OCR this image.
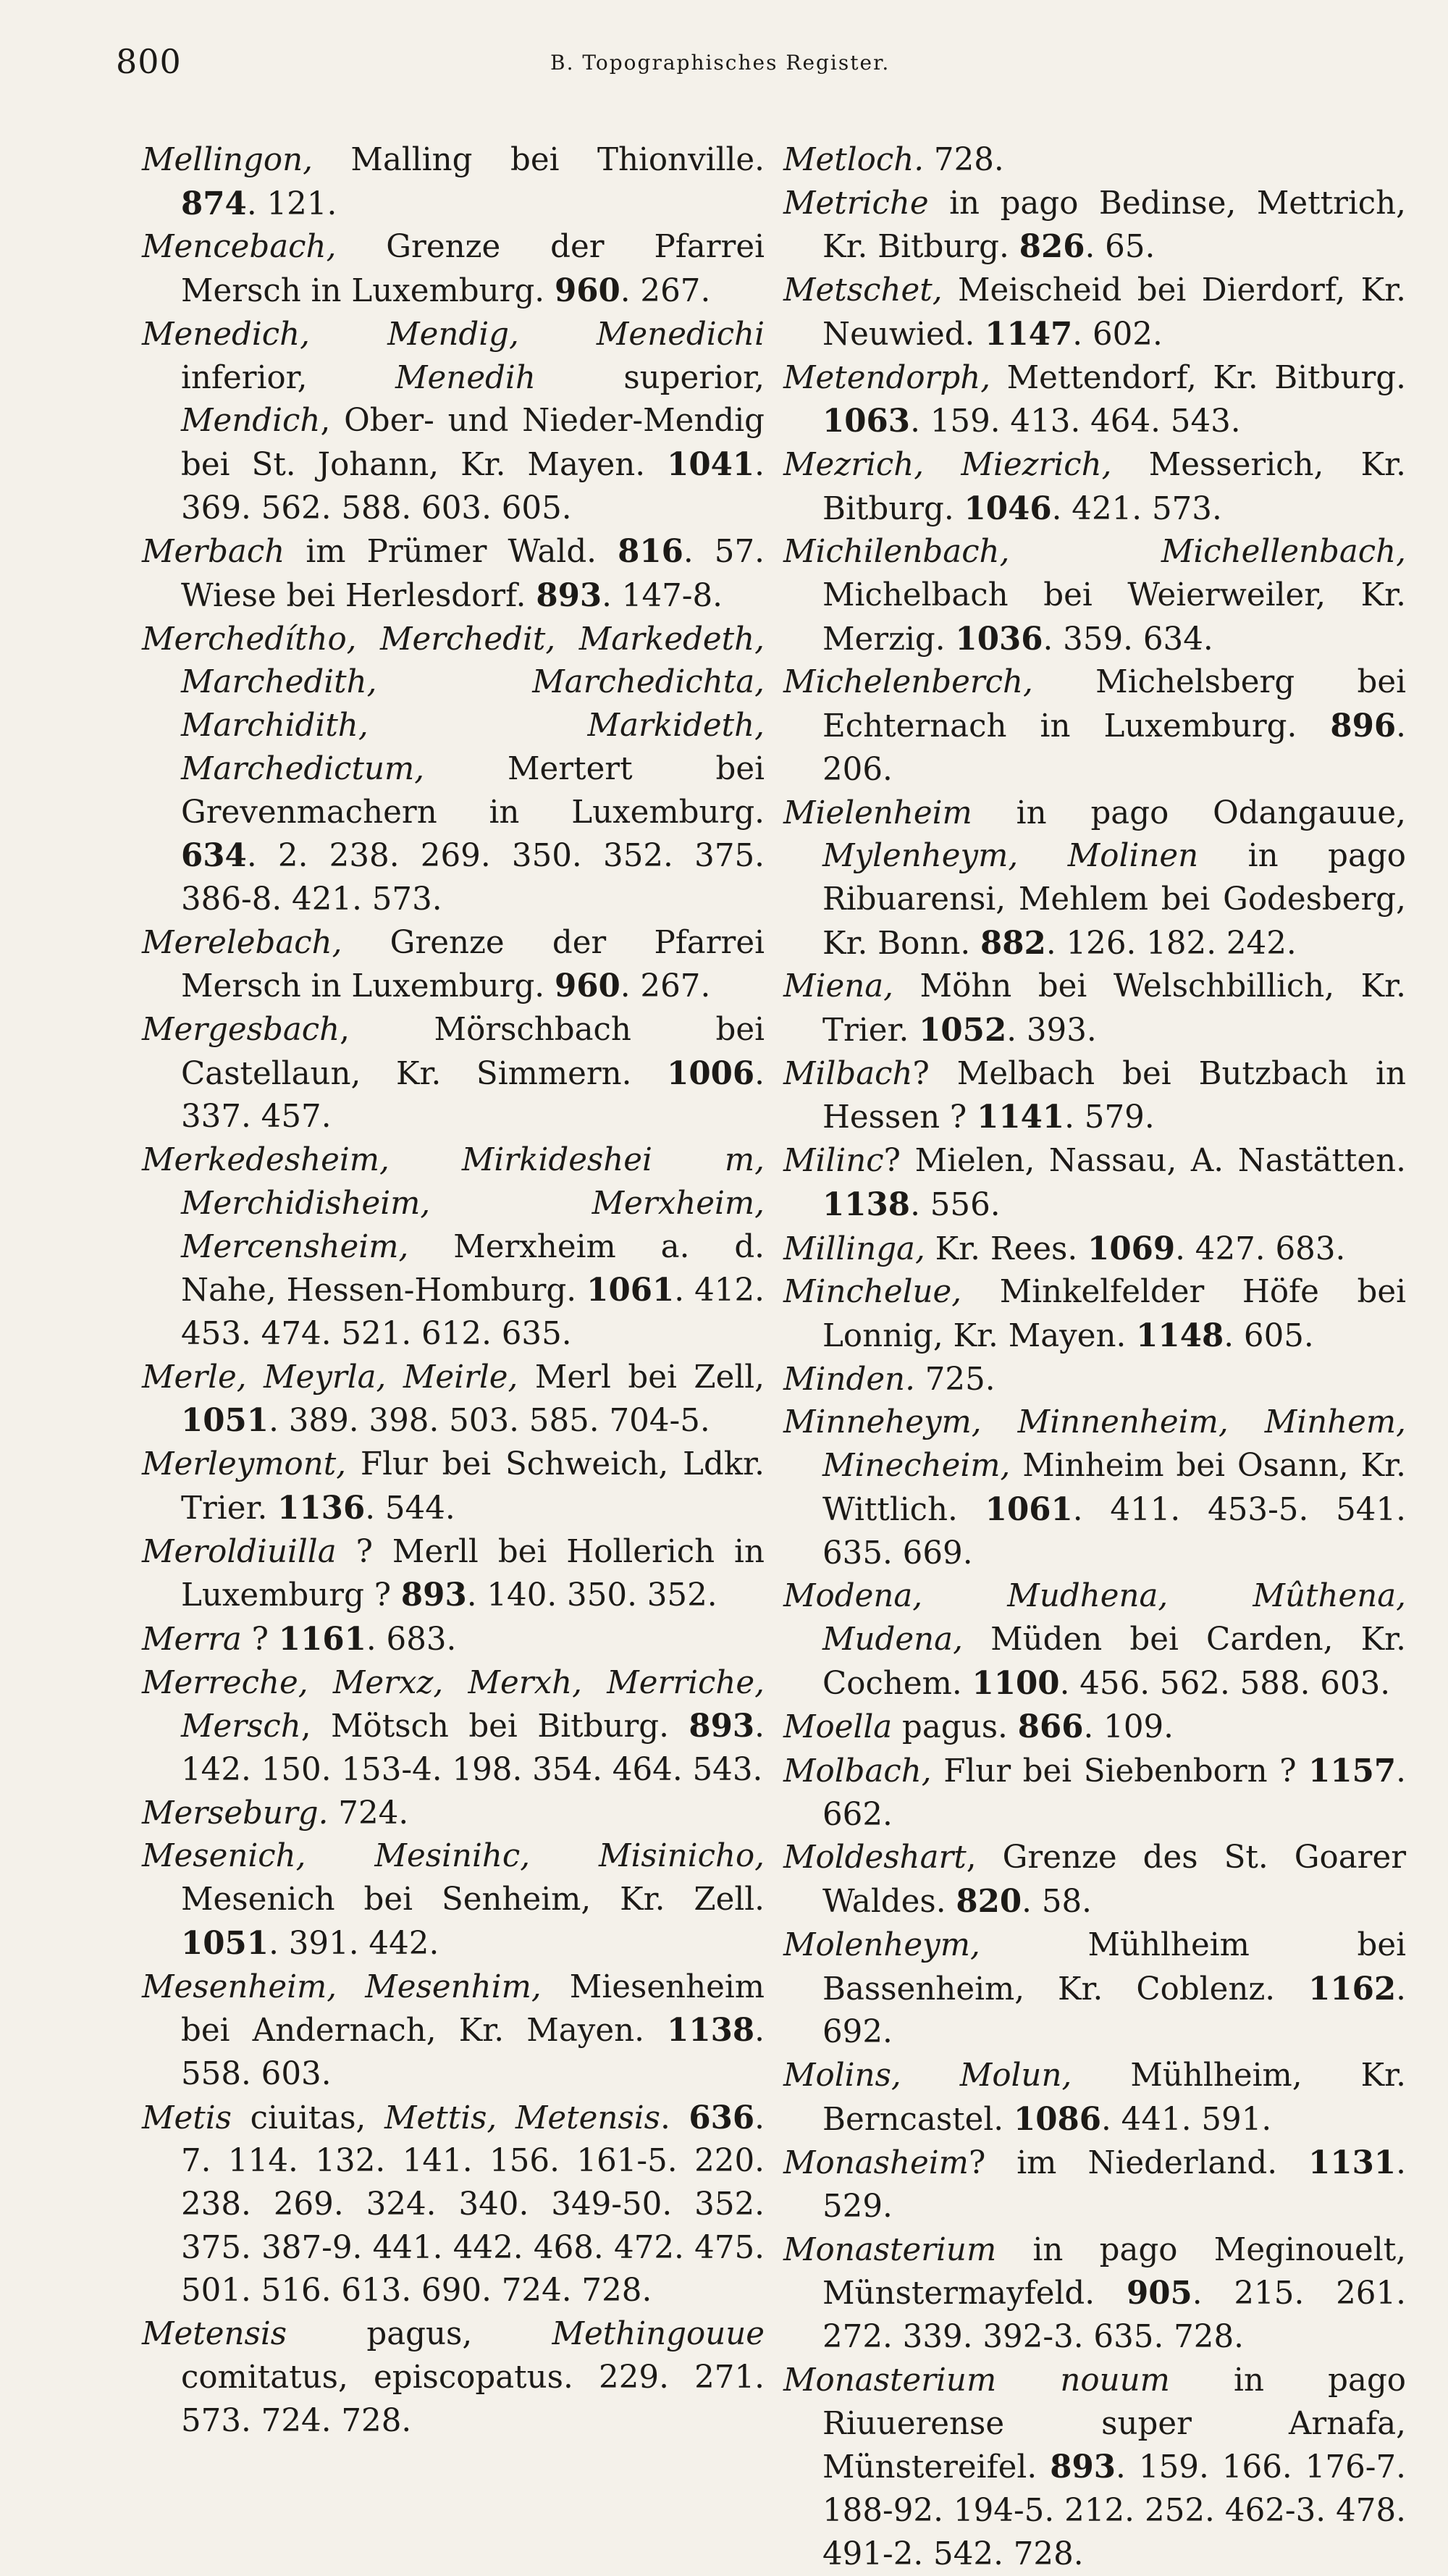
800	B. Topographisches Register.
Mellingon, Malling bei Thionville. 874. 121.
Mencebach, Grenze der Pfarrei Mersch in Luxemburg. 960. 267.
Menedich, Mendig, Menedichi inferior, Menedih superior, Mendich, Ober- und Nieder-Mendig bei St. Johann, Kr. Mayen. 1041. 369. 562. 588. 603. 605.
Merbach im Prümer Wald. 816. 57. Wiese bei Herlesdorf. 893. 147-8.
Merchedítho, Merchedit, Markedeth, Marchedith, Marchedichta, Marchidith, Markideth, Marchedictum, Mertert bei Grevenmachern in Luxemburg. 634. 2. 238. 269. 350. 352. 375. 386-8. 421. 573.
Merelebach, Grenze der Pfarrei Mersch in Luxemburg. 960. 267.
Mergesbach, Mörschbach bei Castellaun, Kr. Simmern. 1006. 337. 457.
Merkedesheim, Mirkideshei m, Merchidisheim, Merxheim, Mercensheim, Merxheim a. d. Nahe, Hessen-Homburg. 1061. 412. 453. 474. 521. 612. 635.
Merle, Meyrla, Meirle, Merl bei Zell, 1051. 389. 398. 503. 585. 704-5.
Merleymont, Flur bei Schweich, Ldkr. Trier. 1136. 544.
Meroldiuilla ? Merll bei Hollerich in Luxemburg ? 893. 140. 350. 352.
Merra ? 1161. 683.
Merreche, Merxz, Merxh, Merriche, Mersch, Mötsch bei Bitburg. 893. 142. 150. 153-4. 198. 354. 464. 543.
Merseburg. 724.
Mesenich, Mesinihc, Misinicho, Mesenich bei Senheim, Kr. Zell. 1051. 391. 442.
Mesenheim, Mesenhim, Miesenheim bei Andernach, Kr. Mayen. 1138. 558. 603.
Metis ciuitas, Mettis, Metensis. 636. 7. 114. 132. 141. 156. 161-5. 220. 238. 269. 324. 340. 349-50. 352. 375. 387-9. 441. 442. 468. 472. 475. 501. 516. 613. 690. 724. 728.
Metensis pagus, Methingouue comitatus, episcopatus. 229. 271. 573. 724. 728.
Metloch. 728.
Metriche in pago Bedinse, Mettrich, Kr. Bitburg. 826. 65.
Metschet, Meischeid bei Dierdorf, Kr. Neuwied. 1147. 602.
Metendorph, Mettendorf, Kr. Bitburg. 1063. 159. 413. 464. 543.
Mezrich, Miezrich, Messerich, Kr. Bitburg. 1046. 421. 573.
Michilenbach, Michellenbach, Michelbach bei Weierweiler, Kr. Merzig. 1036. 359. 634.
Michelenberch, Michelsberg bei Echternach in Luxemburg. 896. 206.
Mielenheim in pago Odangauue, Mylenheym, Molinen in pago Ribuarensi, Mehlem bei Godesberg, Kr. Bonn. 882. 126. 182. 242.
Miena, Möhn bei Welschbillich, Kr. Trier. 1052. 393.
Milbach? Melbach bei Butzbach in Hessen ? 1141. 579.
Milinc? Mielen, Nassau, A. Nastätten. 1138. 556.
Millinga, Kr. Rees. 1069. 427. 683.
Minchelue, Minkelfelder Höfe bei Lonnig, Kr. Mayen. 1148. 605.
Minden. 725.
Minneheym, Minnenheim, Minhem, Minecheim, Minheim bei Osann, Kr. Wittlich. 1061. 411. 453-5. 541. 635. 669.
Modena, Mudhena, Mûthena, Mudena, Müden bei Carden, Kr. Cochem. 1100. 456. 562. 588. 603.
Moella pagus. 866. 109.
Molbach, Flur bei Siebenborn ? 1157. 662.
Moldeshart, Grenze des St. Goarer Waldes. 820. 58.
Molenheym, Mühlheim bei Bassenheim, Kr. Coblenz. 1162. 692.
Molins, Molun, Mühlheim, Kr. Berncastel. 1086. 441. 591.
Monasheim? im Niederland. 1131. 529.
Monasterium in pago Meginouelt, Münstermayfeld. 905. 215. 261. 272. 339. 392-3. 635. 728.
Monasterium nouum in pago Riuuerense super Arnafa, Münstereifel. 893. 159. 166. 176-7. 188-92. 194-5. 212. 252. 462-3. 478. 491-2. 542. 728.
